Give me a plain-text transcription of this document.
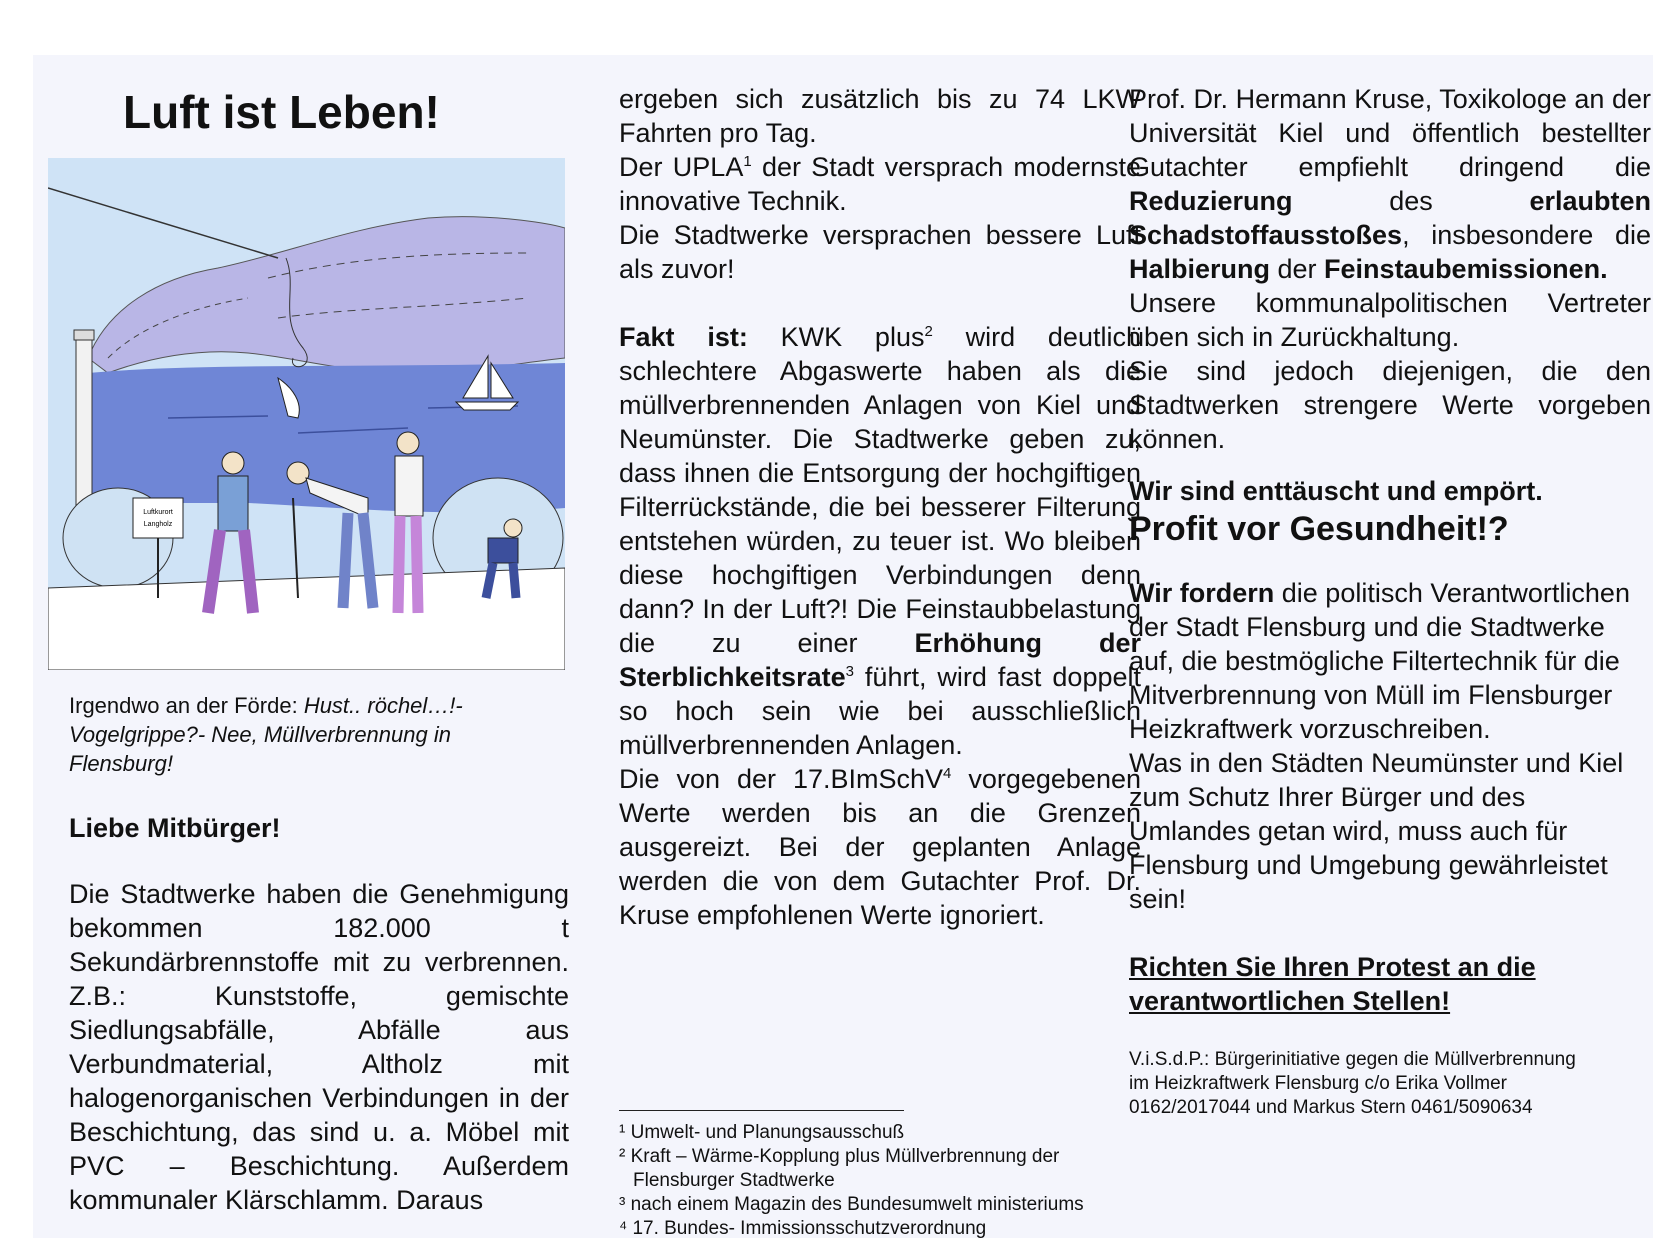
Luft ist Leben!
Luftkurort
Langholz
Irgendwo an der Förde: Hust.. röchel…!- Vogelgrippe?- Nee, Müllverbrennung in Flensburg!
Liebe Mitbürger!
Die Stadtwerke haben die Genehmigung bekommen 182.000 t Sekundärbrennstoffe mit zu verbrennen. Z.B.: Kunststoffe, gemischte Siedlungsabfälle, Abfälle aus Verbundmaterial, Altholz mit halogenorganischen Verbindungen in der Beschichtung, das sind u. a. Möbel mit PVC – Beschichtung. Außerdem kommunaler Klärschlamm. Daraus

ergeben sich zusätzlich bis zu 74 LKW Fahrten pro Tag.

Der UPLA$^1$ der Stadt versprach modernste innovative Technik.

Die Stadtwerke versprachen bessere Luft als zuvor!

Fakt ist: KWK plus$^2$ wird deutlich schlechtere Abgaswerte haben als die müllverbrennenden Anlagen von Kiel und Neumünster. Die Stadtwerke geben zu, dass ihnen die Entsorgung der hochgiftigen Filterrückstände, die bei besserer Filterung entstehen würden, zu teuer ist. Wo bleiben diese hochgiftigen Verbindungen denn dann? In der Luft?! Die Feinstaubbelastung die zu einer Erhöhung der Sterblichkeitsrate$^3$ führt, wird fast doppelt so hoch sein wie bei ausschließlich müllverbrennenden Anlagen.

Die von der 17.BImSchV$^4$ vorgegebenen Werte werden bis an die Grenzen ausgereizt. Bei der geplanten Anlage werden die von dem Gutachter Prof. Dr. Kruse empfohlenen Werte ignoriert.

¹ Umwelt- und Planungsausschuß
² Kraft – Wärme-Kopplung plus Müllverbrennung der Flensburger Stadtwerke
³ nach einem Magazin des Bundesumwelt ministeriums
⁴ 17. Bundes- Immissionsschutzverordnung

Prof. Dr. Hermann Kruse, Toxikologe an der Universität Kiel und öffentlich bestellter Gutachter empfiehlt dringend die Reduzierung des erlaubten Schadstoffausstoßes, insbesondere die Halbierung der Feinstaubemissionen.

Unsere kommunalpolitischen Vertreter üben sich in Zurückhaltung.

Sie sind jedoch diejenigen, die den Stadtwerken strengere Werte vorgeben können.

Wir sind enttäuscht und empört.

Profit vor Gesundheit!?

Wir fordern die politisch Verantwortlichen der Stadt Flensburg und die Stadtwerke auf, die bestmögliche Filtertechnik für die Mitverbrennung von Müll im Flensburger Heizkraftwerk vorzuschreiben.

Was in den Städten Neumünster und Kiel zum Schutz Ihrer Bürger und des Umlandes getan wird, muss auch für Flensburg und Umgebung gewährleistet sein!

Richten Sie Ihren Protest an die verantwortlichen Stellen!
V.i.S.d.P.: Bürgerinitiative gegen die Müllverbrennung
im Heizkraftwerk Flensburg c/o Erika Vollmer
0162/2017044 und Markus Stern 0461/5090634
